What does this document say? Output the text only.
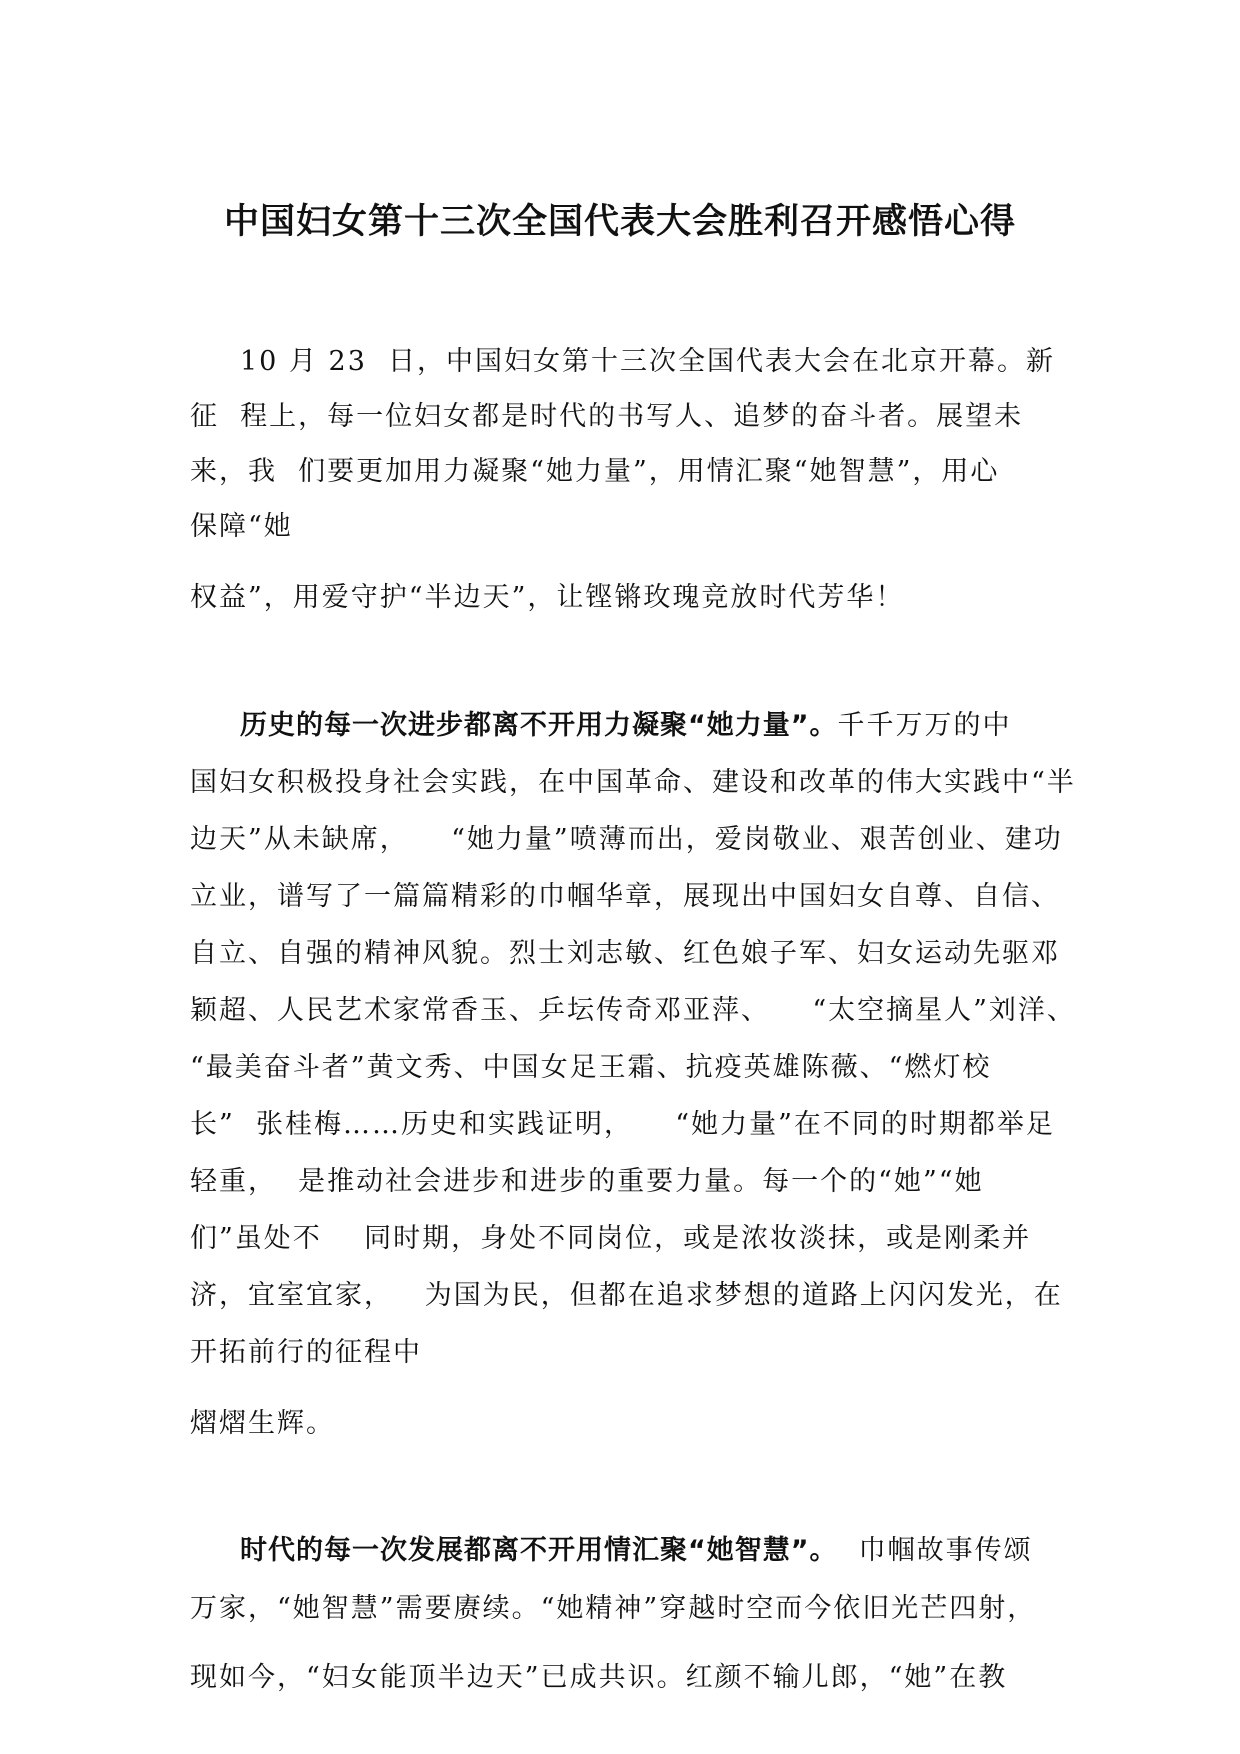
中国妇女第十三次全国代表大会胜利召开感悟心得
10 月 23  日，中国妇女第十三次全国代表大会在北京开幕。新
征  程上，每一位妇女都是时代的书写人、追梦的奋斗者。展望未
来，我  们要更加用力凝聚“她力量”，用情汇聚“她智慧”，用心
保障“她
权益”，用爱守护“半边天”，让铿锵玫瑰竞放时代芳华！
历史的每一次进步都离不开用力凝聚“她力量”。千千万万的中
国妇女积极投身社会实践，在中国革命、建设和改革的伟大实践中“半
边天”从未缺席，    “她力量”喷薄而出，爱岗敬业、艰苦创业、建功
立业，谱写了一篇篇精彩的巾帼华章，展现出中国妇女自尊、自信、
自立、自强的精神风貌。烈士刘志敏、红色娘子军、妇女运动先驱邓
颖超、人民艺术家常香玉、乒坛传奇邓亚萍、    “太空摘星人”刘洋、
“最美奋斗者”黄文秀、中国女足王霜、抗疫英雄陈薇、“燃灯校
长”  张桂梅……历史和实践证明，    “她力量”在不同的时期都举足
轻重，  是推动社会进步和进步的重要力量。每一个的“她”“她
们”虽处不    同时期，身处不同岗位，或是浓妆淡抹，或是刚柔并
济，宜室宜家，   为国为民，但都在追求梦想的道路上闪闪发光，在
开拓前行的征程中
熠熠生辉。
时代的每一次发展都离不开用情汇聚“她智慧”。  巾帼故事传颂
万家，“她智慧”需要赓续。“她精神”穿越时空而今依旧光芒四射，
现如今，“妇女能顶半边天”已成共识。红颜不输儿郎，“她”在教
